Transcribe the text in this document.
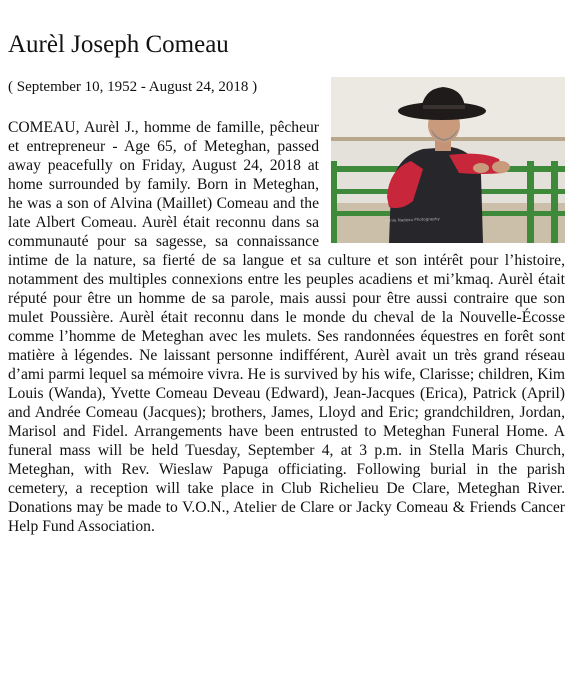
Aurèl Joseph Comeau
( September 10, 1952 - August 24, 2018 )
Annie Nadeau Photography
COMEAU, Aurèl J., homme de famille, pêcheur et entrepreneur - Age 65, of Meteghan, passed away peacefully on Friday, August 24, 2018 at home surrounded by family. Born in Meteghan, he was a son of Alvina (Maillet) Comeau and the late Albert Comeau. Aurèl était reconnu dans sa communauté pour sa sagesse, sa connaissance intime de la nature, sa fierté de sa langue et sa culture et son intérêt pour l’histoire, notamment des multiples connexions entre les peuples acadiens et mi’kmaq. Aurèl était réputé pour être un homme de sa parole, mais aussi pour être aussi contraire que son mulet Poussière. Aurèl était reconnu dans le monde du cheval de la Nouvelle-Écosse comme l’homme de Meteghan avec les mulets. Ses randonnées équestres en forêt sont matière à légendes. Ne laissant personne indifférent, Aurèl avait un très grand réseau d’ami parmi lequel sa mémoire vivra. He is survived by his wife, Clarisse; children, Kim Louis (Wanda), Yvette Comeau Deveau (Edward), Jean-Jacques (Erica), Patrick (April) and Andrée Comeau (Jacques); brothers, James, Lloyd and Eric; grandchildren, Jordan, Marisol and Fidel. Arrangements have been entrusted to Meteghan Funeral Home. A funeral mass will be held Tuesday, September 4, at 3 p.m. in Stella Maris Church, Meteghan, with Rev. Wieslaw Papuga officiating. Following burial in the parish cemetery, a reception will take place in Club Richelieu De Clare, Meteghan River. Donations may be made to V.O.N., Atelier de Clare or Jacky Comeau & Friends Cancer Help Fund Association.
